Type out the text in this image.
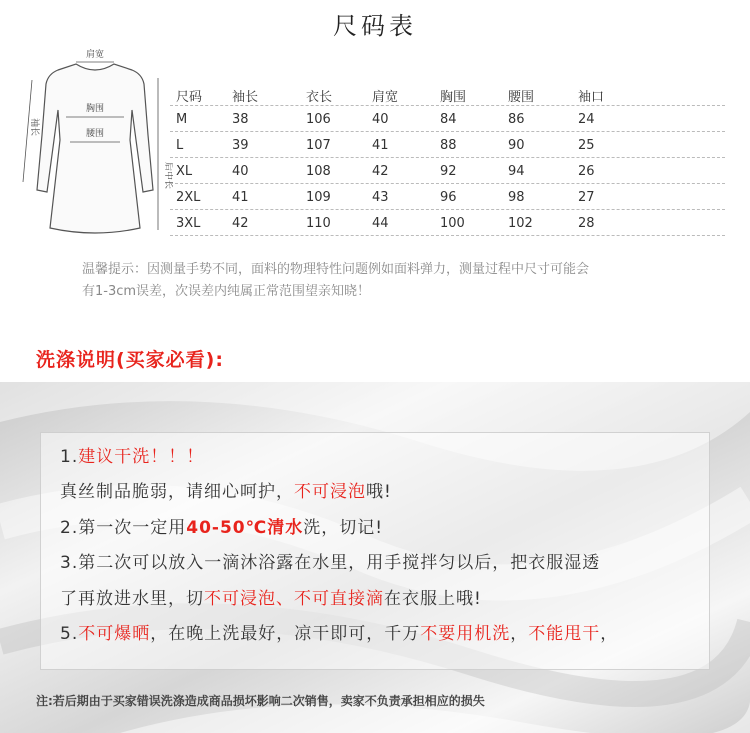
尺码表
肩宽
胸围
腰围
袖长
后中长
尺码 袖长	衣长	肩宽	胸围	腰围	袖口
M	38	106	40	84	86	24
L	39	107	41	88	90	25
XL	40	108	42	92	94	26
2XL 41	109	43	96	98	27
3XL 42	110	44	100	102	28
温馨提示：因测量手势不同，面料的物理特性问题例如面料弹力，测量过程中尺寸可能会
有1-3cm误差，次误差内纯属正常范围望亲知晓！
洗涤说明(买家必看):
1.建议干洗！！！
真丝制品脆弱，请细心呵护，不可浸泡哦!
2.第一次一定用40-50℃清水洗，切记!
3.第二次可以放入一滴沐浴露在水里，用手搅拌匀以后，把衣服湿透
了再放进水里，切不可浸泡、不可直接滴在衣服上哦!
5.不可爆晒，在晚上洗最好，凉干即可，千万不要用机洗，不能甩干，
注:若后期由于买家错误洗涤造成商品损坏影响二次销售，卖家不负责承担相应的损失
